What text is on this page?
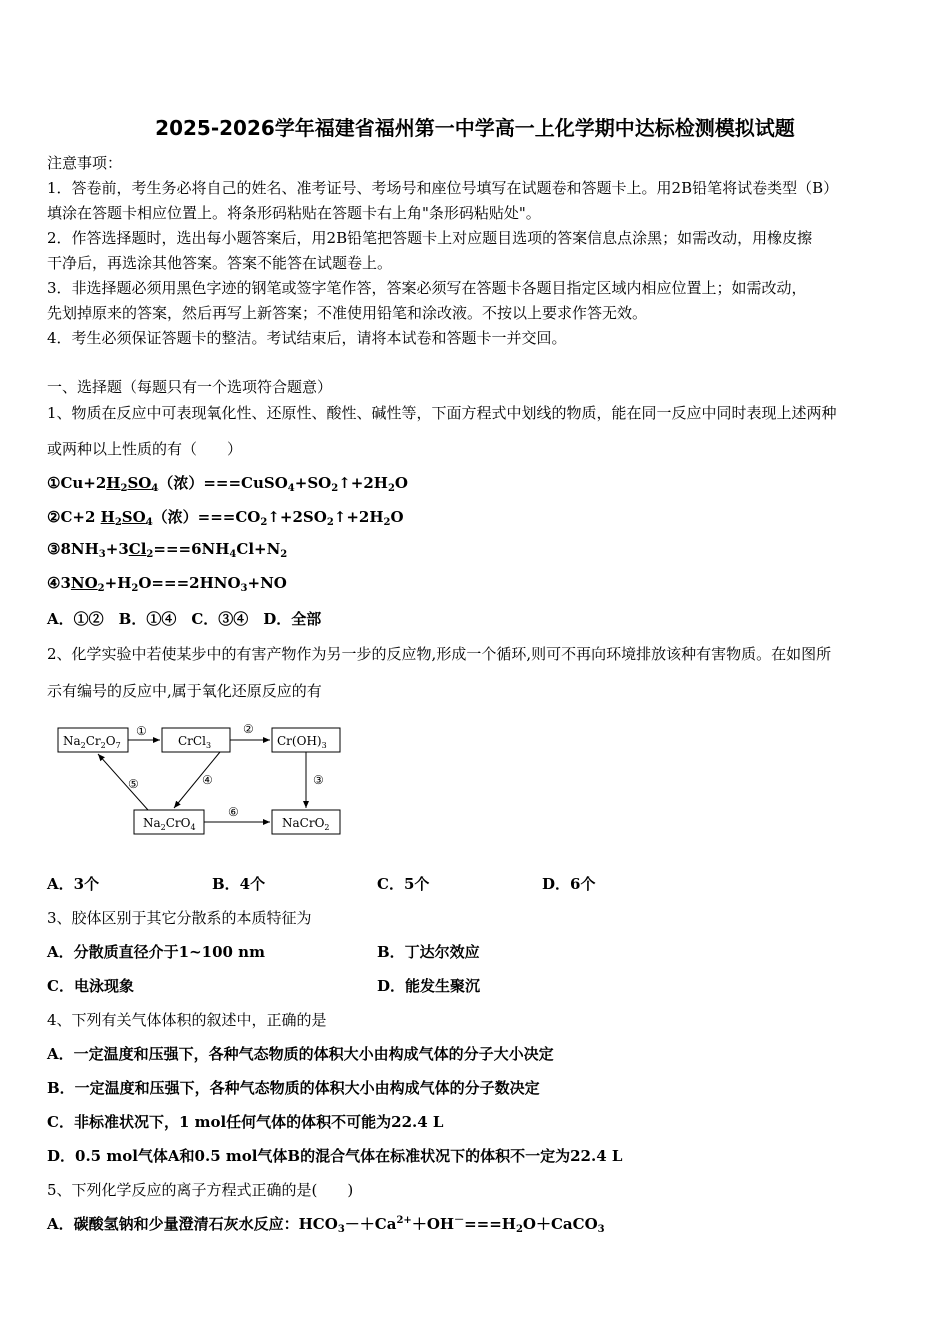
2025-2026学年福建省福州第一中学高一上化学期中达标检测模拟试题
注意事项：
1．答卷前，考生务必将自己的姓名、准考证号、考场号和座位号填写在试题卷和答题卡上。用2B铅笔将试卷类型（B）
填涂在答题卡相应位置上。将条形码粘贴在答题卡右上角"条形码粘贴处"。
2．作答选择题时，选出每小题答案后，用2B铅笔把答题卡上对应题目选项的答案信息点涂黑；如需改动，用橡皮擦
干净后，再选涂其他答案。答案不能答在试题卷上。
3．非选择题必须用黑色字迹的钢笔或签字笔作答，答案必须写在答题卡各题目指定区域内相应位置上；如需改动，
先划掉原来的答案，然后再写上新答案；不准使用铅笔和涂改液。不按以上要求作答无效。
4．考生必须保证答题卡的整洁。考试结束后，请将本试卷和答题卡一并交回。
一、选择题（每题只有一个选项符合题意）
1、物质在反应中可表现氧化性、还原性、酸性、碱性等，下面方程式中划线的物质，能在同一反应中同时表现上述两种
或两种以上性质的有（　　）
$①Cu+2H_2SO_4$（浓）$===CuSO_4+SO_2↑+2H_2O$
②C+2 $H_2SO_4$（浓）$===CO_2↑+2SO_2↑+2H_2O$
$③8NH_3+3Cl_2===6NH_4Cl+N_2$
$④3NO_2+H_2O===2HNO_3+NO$
A．①②　B．①④　C．③④　D．全部
2、化学实验中若使某步中的有害产物作为另一步的反应物,形成一个循环,则可不再向环境排放该种有害物质。在如图所
示有编号的反应中,属于氧化还原反应的有
$Na_2Cr_2O_7$	CrCl$_3$	$Cr(OH)_3$
$Na_2CrO_4$	NaCrO$_2$
①	②
③
④
⑤
⑥
A．3个	B．4个	C．5个	D．6个
3、胶体区别于其它分散系的本质特征为
A．分散质直径介于1~100 nm	B．丁达尔效应
C．电泳现象	D．能发生聚沉
4、下列有关气体体积的叙述中，正确的是
A．一定温度和压强下，各种气态物质的体积大小由构成气体的分子大小决定
B．一定温度和压强下，各种气态物质的体积大小由构成气体的分子数决定
C．非标准状况下，1 mol任何气体的体积不可能为22.4 L
D．0.5 mol气体A和0.5 mol气体B的混合气体在标准状况下的体积不一定为22.4 L
5、下列化学反应的离子方程式正确的是(　　)
A．碳酸氢钠和少量澄清石灰水反应：$HCO_3-+Ca^{2+}+OH^-===H_2O+CaCO_3$
